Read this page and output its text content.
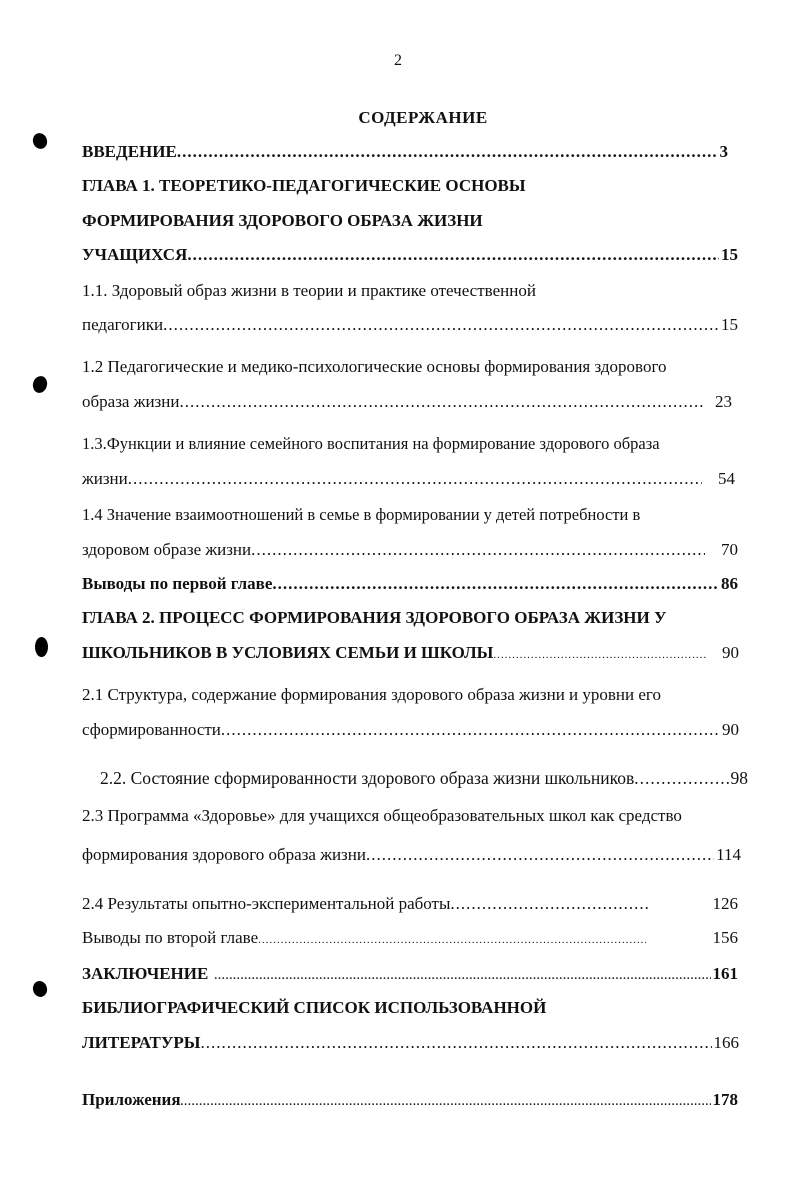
2
СОДЕРЖАНИЕ
ВВЕДЕНИЕ .....	3
ГЛАВА 1. ТЕОРЕТИКО-ПЕДАГОГИЧЕСКИЕ ОСНОВЫ
ФОРМИРОВАНИЯ ЗДОРОВОГО ОБРАЗА ЖИЗНИ
УЧАЩИХСЯ .....	15
1.1. Здоровый образ жизни в теории и практике отечественной
педагогики .....	15
1.2 Педагогические и медико-психологические основы формирования здорового
образа жизни .....	23
1.3.Функции и влияние семейного воспитания на формирование здорового образа
жизни .....	54
1.4 Значение взаимоотношений в семье в формировании у детей потребности в
здоровом образе жизни .....	70
Выводы по первой главе .....	86
ГЛАВА 2. ПРОЦЕСС ФОРМИРОВАНИЯ ЗДОРОВОГО ОБРАЗА ЖИЗНИ У
ШКОЛЬНИКОВ В УСЛОВИЯХ СЕМЬИ И ШКОЛЫ .....	90
2.1 Структура, содержание формирования здорового образа жизни и уровни его
сформированности .....	90
2.2. Состояние сформированности здорового образа жизни школьников .....	98
2.3 Программа «Здоровье» для учащихся общеобразовательных школ как средство
формирования здорового образа жизни .....	114
2.4 Результаты опытно-экспериментальной работы .....	126
Выводы по второй главе .....	156
ЗАКЛЮЧЕНИЕ .....	161
БИБЛИОГРАФИЧЕСКИЙ СПИСОК ИСПОЛЬЗОВАННОЙ
ЛИТЕРАТУРЫ .....	166
Приложения .....	178
